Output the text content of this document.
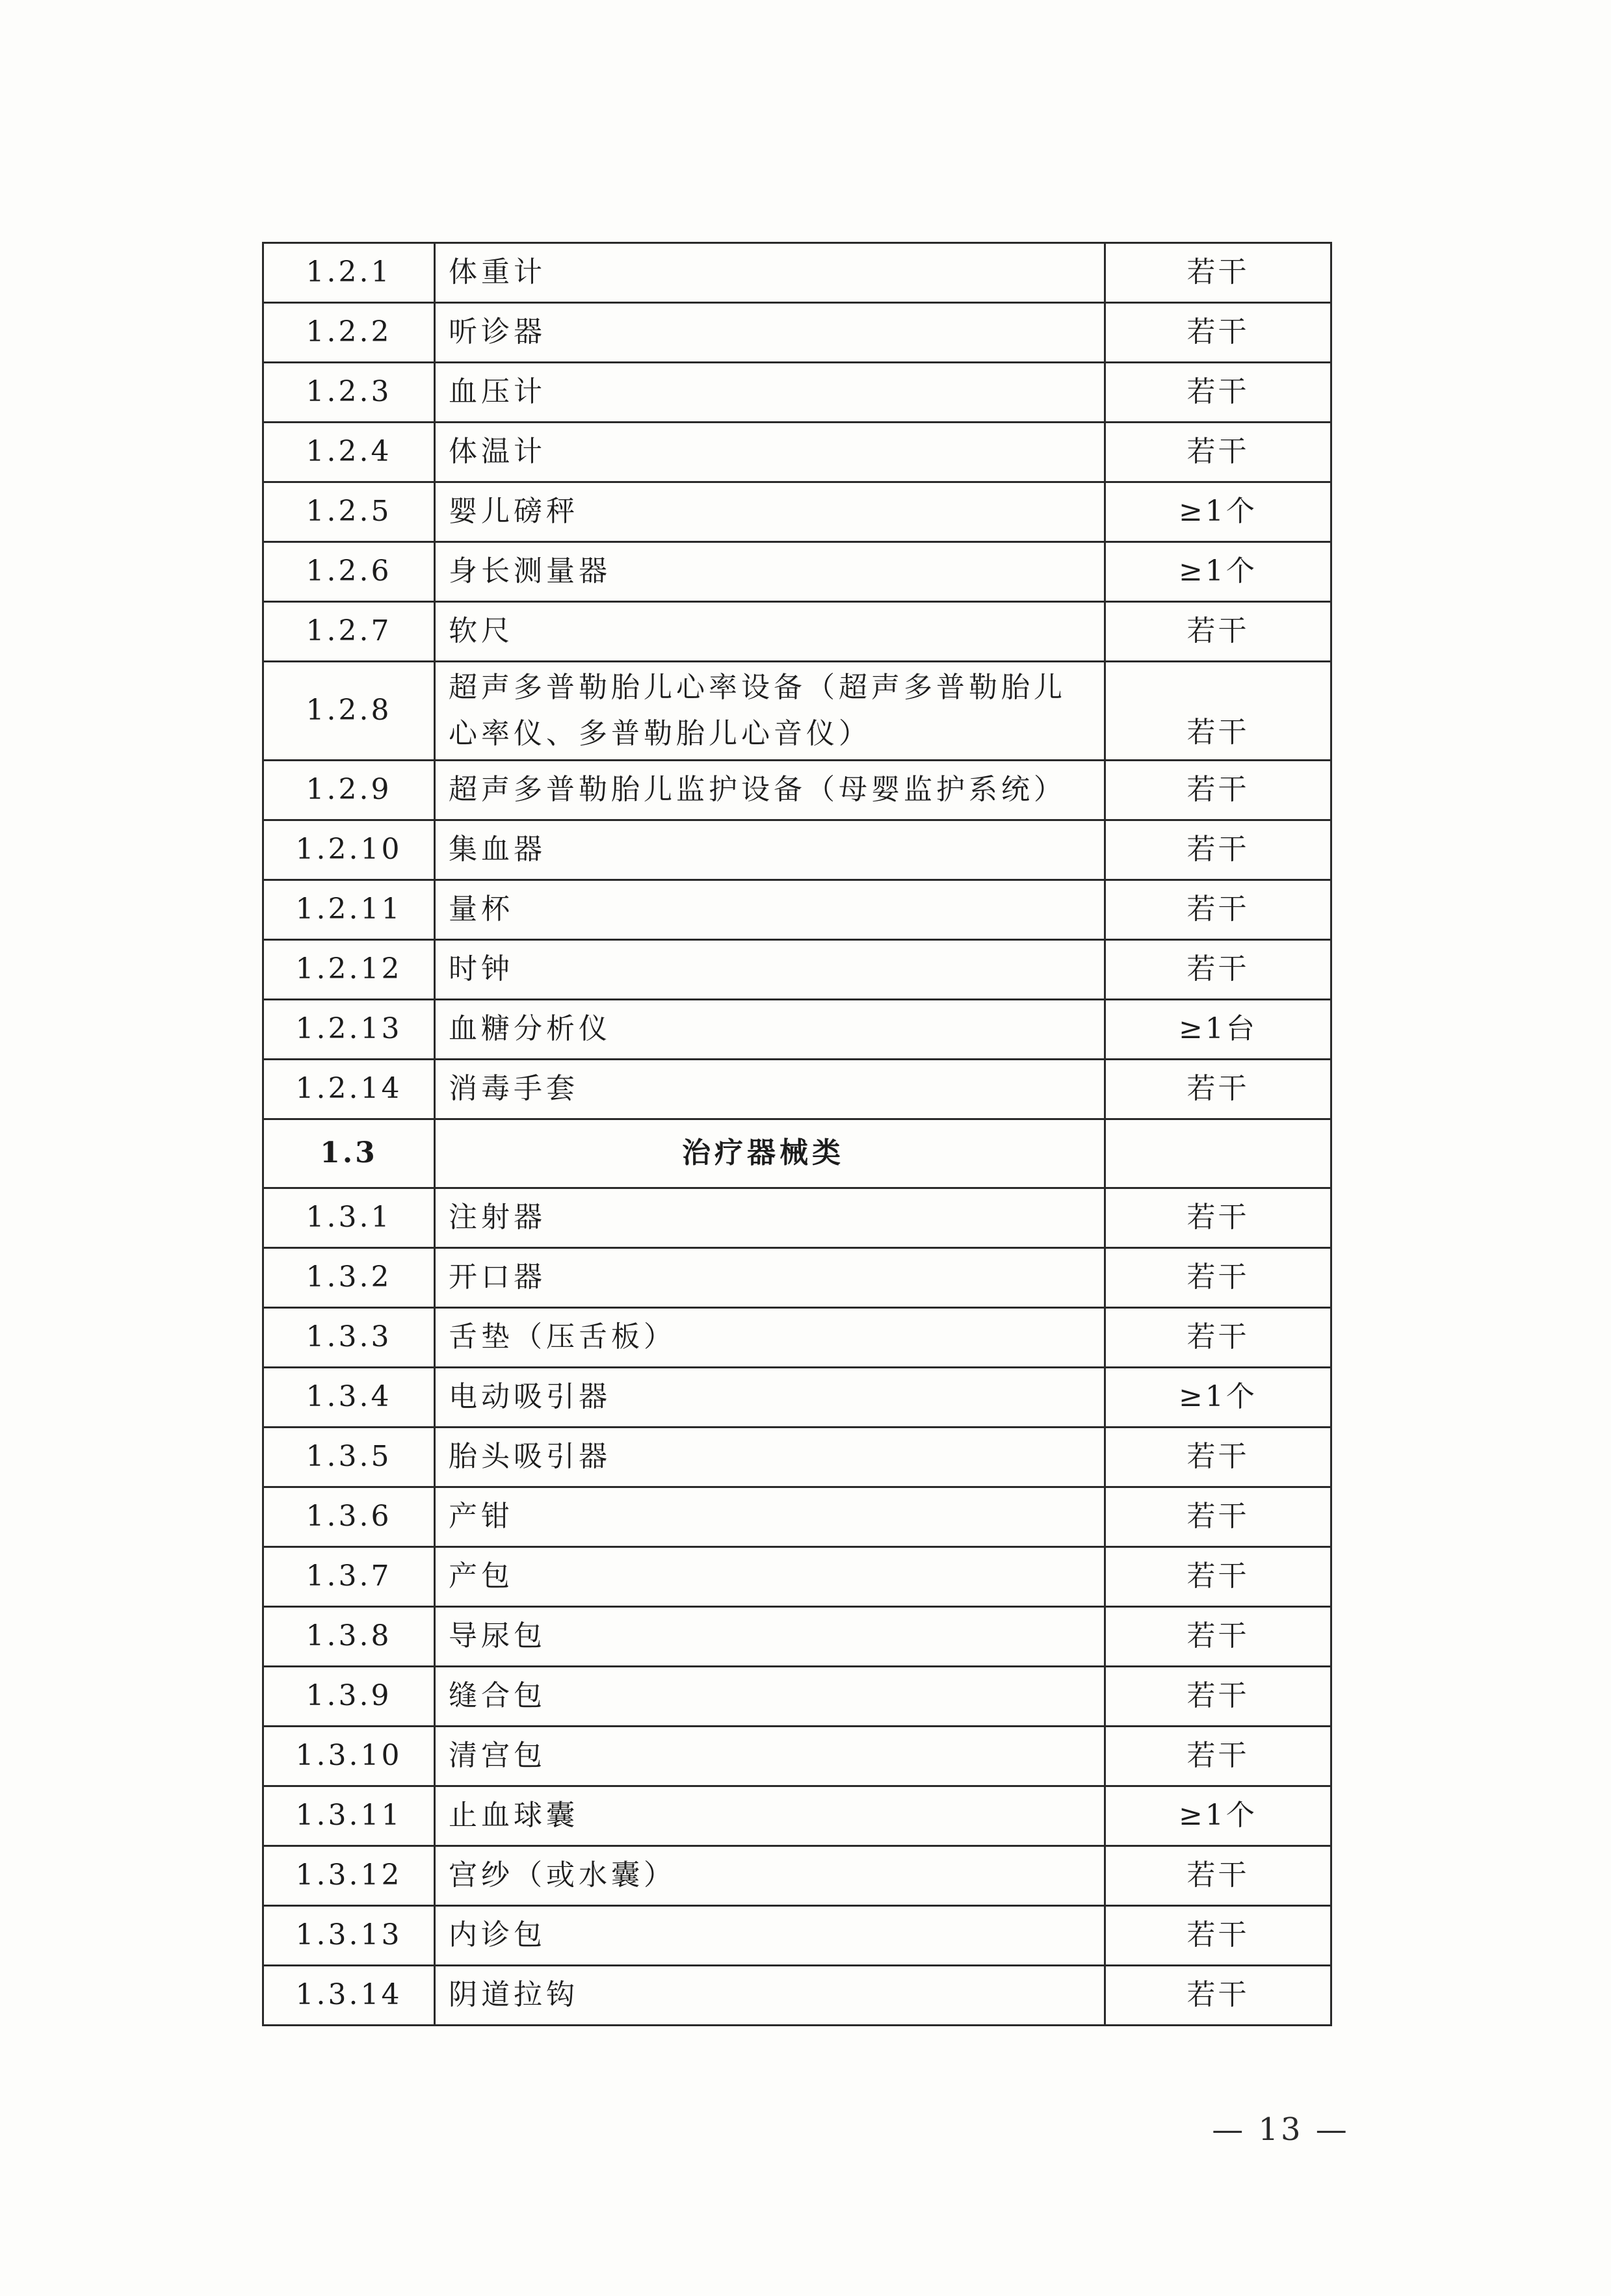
1.2.1	体重计	若干
1.2.2	听诊器	若干
1.2.3	血压计	若干
1.2.4	体温计	若干
1.2.5	婴儿磅秤	≥1个
1.2.6	身长测量器	≥1个
1.2.7	软尺	若干
1.2.8	超声多普勒胎儿心率设备（超声多普勒胎儿心率仪、多普勒胎儿心音仪）	若干
1.2.9	超声多普勒胎儿监护设备（母婴监护系统）	若干
1.2.10	集血器	若干
1.2.11	量杯	若干
1.2.12	时钟	若干
1.2.13	血糖分析仪	≥1台
1.2.14	消毒手套	若干
1.3	治疗器械类	
1.3.1	注射器	若干
1.3.2	开口器	若干
1.3.3	舌垫（压舌板）	若干
1.3.4	电动吸引器	≥1个
1.3.5	胎头吸引器	若干
1.3.6	产钳	若干
1.3.7	产包	若干
1.3.8	导尿包	若干
1.3.9	缝合包	若干
1.3.10	清宫包	若干
1.3.11	止血球囊	≥1个
1.3.12	宫纱（或水囊）	若干
1.3.13	内诊包	若干
1.3.14	阴道拉钩	若干
— 13 —
